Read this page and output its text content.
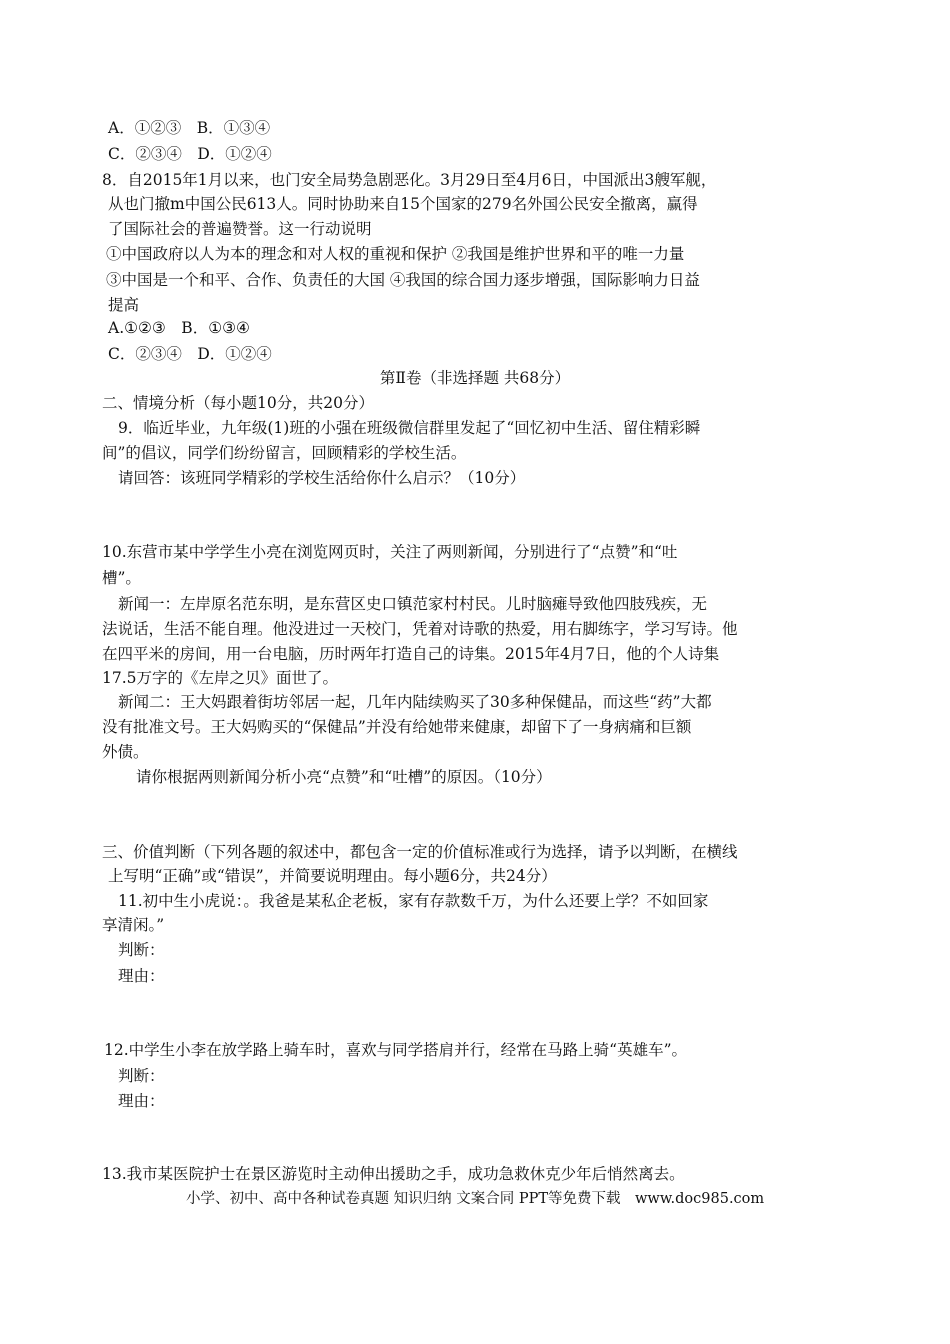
A．①②③　B．①③④
C．②③④　D．①②④
8．自2015年1月以来，也门安全局势急剧恶化。3月29日至4月6日，中国派出3艘军舰，
从也门撤m中国公民613人。同时协助来自15个国家的279名外国公民安全撤离，赢得
了国际社会的普遍赞誉。这一行动说明
①中国政府以人为本的理念和对人权的重视和保护 ②我国是维护世界和平的唯一力量
③中国是一个和平、合作、负责任的大国 ④我国的综合国力逐步增强，国际影响力日益
提高
A.①②③　B．①③④
C．②③④　D．①②④
第Ⅱ卷（非选择题 共68分）
二、情境分析（每小题10分，共20分）
9．临近毕业，九年级(1)班的小强在班级微信群里发起了“回忆初中生活、留住精彩瞬
间”的倡议，同学们纷纷留言，回顾精彩的学校生活。
请回答：该班同学精彩的学校生活给你什么启示？（10分）
10.东营市某中学学生小亮在浏览网页时，关注了两则新闻，分别进行了“点赞”和“吐
槽”。
新闻一：左岸原名范东明，是东营区史口镇范家村村民。儿时脑瘫导致他四肢残疾，无
法说话，生活不能自理。他没进过一天校门，凭着对诗歌的热爱，用右脚练字，学习写诗。他
在四平米的房间，用一台电脑，历时两年打造自己的诗集。2015年4月7日，他的个人诗集
17.5万字的《左岸之贝》面世了。
新闻二：王大妈跟着街坊邻居一起，几年内陆续购买了30多种保健品，而这些“药”大都
没有批准文号。王大妈购买的“保健品”并没有给她带来健康，却留下了一身病痛和巨额
外债。
请你根据两则新闻分析小亮“点赞”和“吐槽”的原因。（10分）
三、价值判断（下列各题的叙述中，都包含一定的价值标准或行为选择，请予以判断，在横线
上写明“正确”或“错误”，并简要说明理由。每小题6分，共24分）
11.初中生小虎说：。我爸是某私企老板，家有存款数千万，为什么还要上学？不如回家
享清闲。”
判断：
理由：
12.中学生小李在放学路上骑车时，喜欢与同学搭肩并行，经常在马路上骑“英雄车”。
判断：
理由：
13.我市某医院护士在景区游览时主动伸出援助之手，成功急救休克少年后悄然离去。
小学、初中、高中各种试卷真题 知识归纳 文案合同 PPT等免费下载　www.doc985.com
